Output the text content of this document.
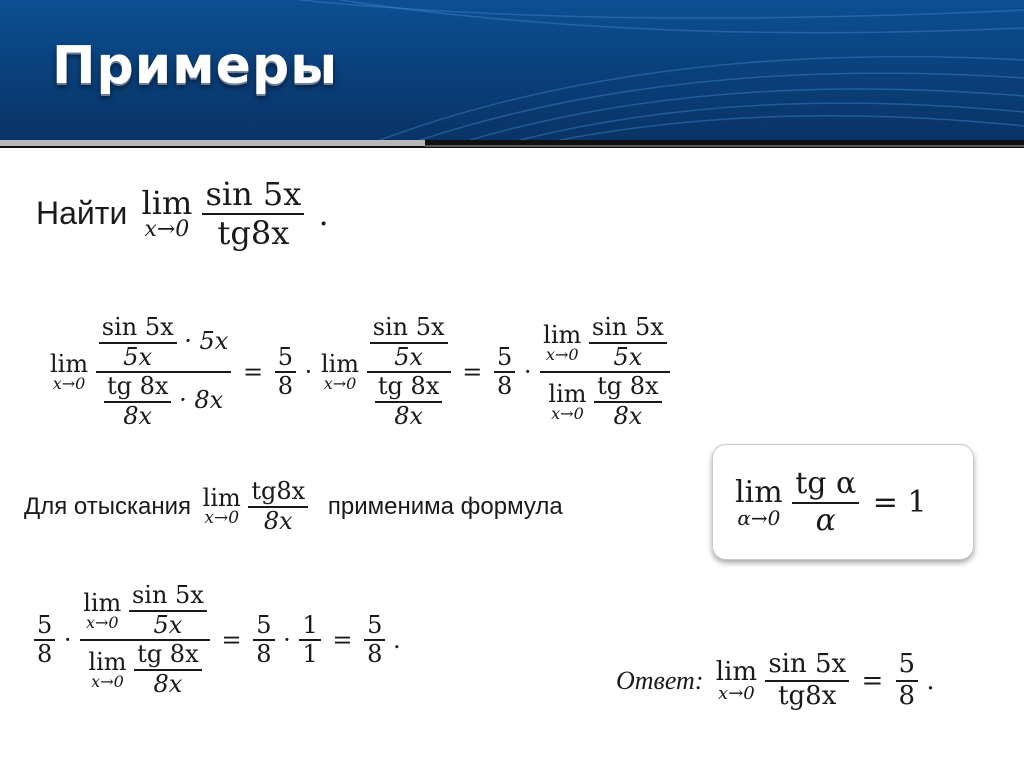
Примеры
Найти lim
x→0
$\frac{\sin 5x}{tg8x}$ .
lim
x→0
$\frac{\frac{\sin 5x}{5x} \cdot 5x}{\frac{tg 8x}{8x} \cdot 8x} = \frac{5}{8} \cdot \lim$
x→0
$\frac{\frac{\sin 5x}{5x}}{\frac{tg 8x}{8x}} = \frac{5}{8} \cdot \lim$
x→0
$\frac{\sin 5x}{5x}$
lim
x→0
$\frac{tg 8x}{8x}$
Для отыскания lim
x→0
$\frac{tg8x}{8x}$ применима формула	lim
α→0
$\frac{\text{tg α}}{\alpha} = 1$
$\frac{5}{8} \cdot \lim$
x→0
$\frac{\sin 5x}{5x}$
lim
x→0
$\frac{tg 8x}{8x} = \frac{5}{8} \cdot \frac{1}{1} = \frac{5}{8}$ .
Ответ: lim
x→0
$\frac{\sin 5x}{tg8x} = \frac{5}{8}$ .
